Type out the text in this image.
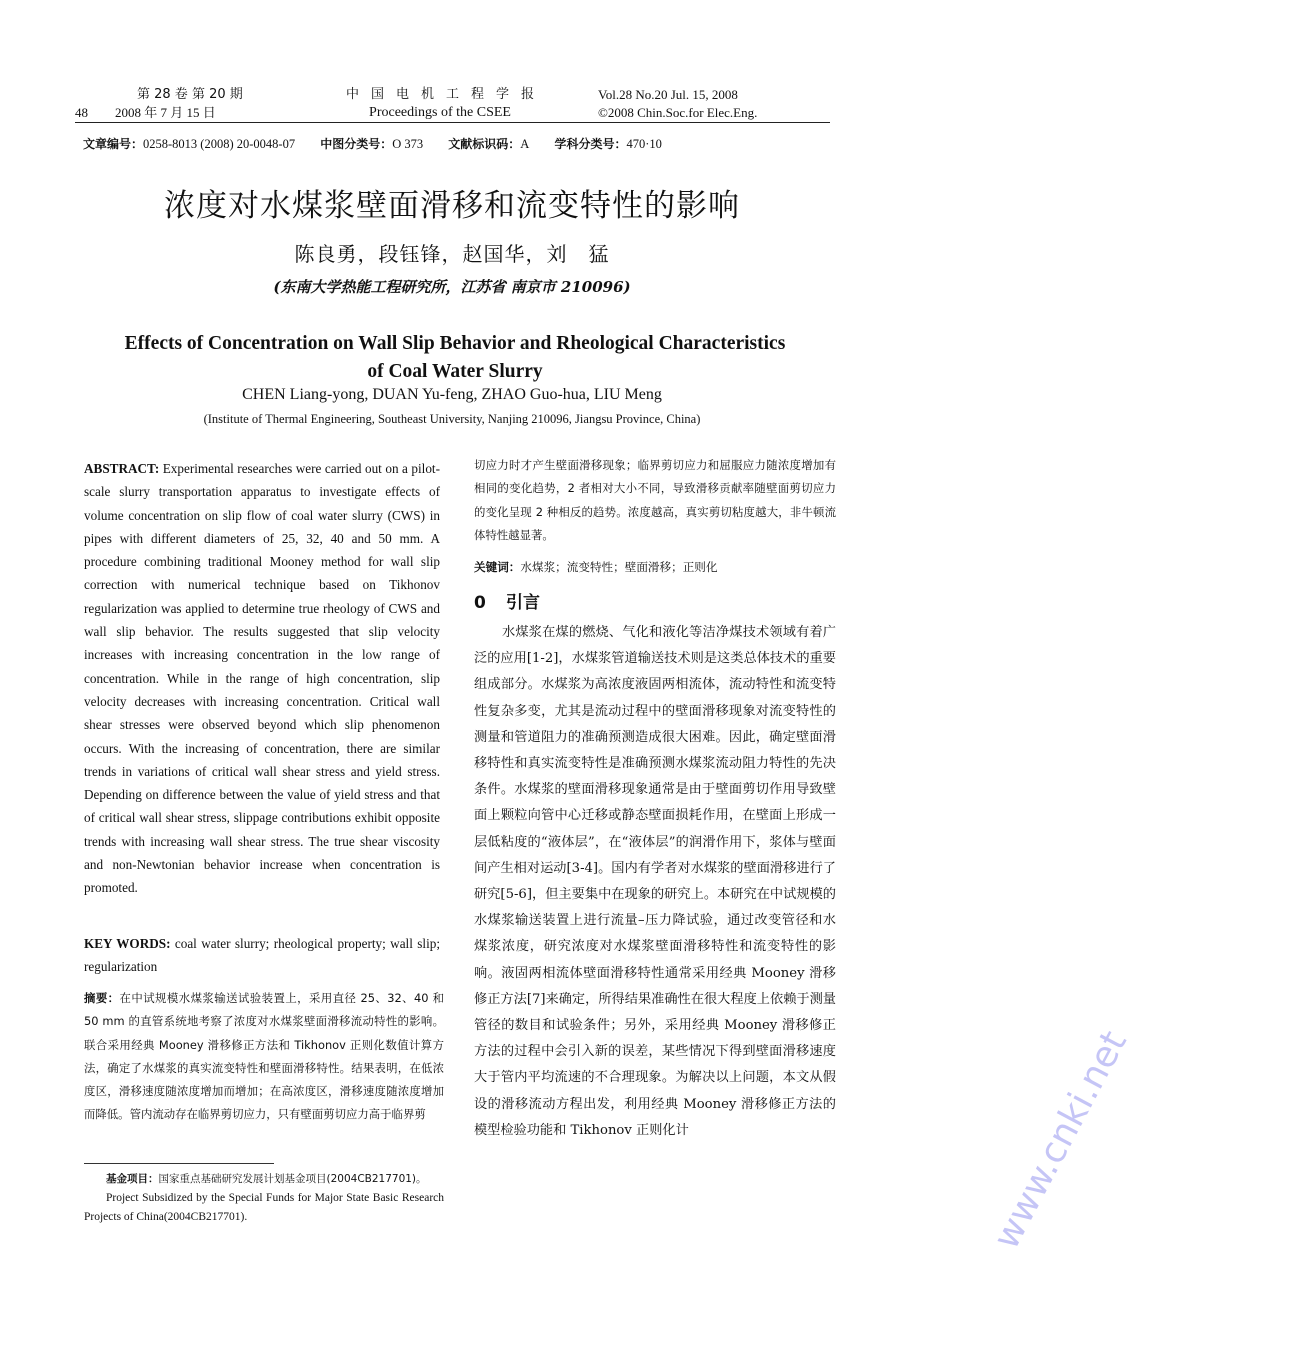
第 28 卷 第 20 期
48 2008 年 7 月 15 日
中国电机工程学报
Proceedings of the CSEE
Vol.28 No.20 Jul. 15, 2008
©2008 Chin.Soc.for Elec.Eng.
文章编号：0258-8013 (2008) 20-0048-07 中图分类号：O 373 文献标识码：A 学科分类号：470·10
浓度对水煤浆壁面滑移和流变特性的影响
陈良勇，段钰锋，赵国华，刘　猛
(东南大学热能工程研究所，江苏省 南京市 210096)
Effects of Concentration on Wall Slip Behavior and Rheological Characteristics of Coal Water Slurry
CHEN Liang-yong, DUAN Yu-feng, ZHAO Guo-hua, LIU Meng
(Institute of Thermal Engineering, Southeast University, Nanjing 210096, Jiangsu Province, China)
ABSTRACT: Experimental researches were carried out on a pilot-scale slurry transportation apparatus to investigate effects of volume concentration on slip flow of coal water slurry (CWS) in pipes with different diameters of 25, 32, 40 and 50 mm. A procedure combining traditional Mooney method for wall slip correction with numerical technique based on Tikhonov regularization was applied to determine true rheology of CWS and wall slip behavior. The results suggested that slip velocity increases with increasing concentration in the low range of concentration. While in the range of high concentration, slip velocity decreases with increasing concentration. Critical wall shear stresses were observed beyond which slip phenomenon occurs. With the increasing of concentration, there are similar trends in variations of critical wall shear stress and yield stress. Depending on difference between the value of yield stress and that of critical wall shear stress, slippage contributions exhibit opposite trends with increasing wall shear stress. The true shear viscosity and non-Newtonian behavior increase when concentration is promoted.
KEY WORDS: coal water slurry; rheological property; wall slip; regularization
摘要：在中试规模水煤浆输送试验装置上，采用直径 25、32、40 和 50 mm 的直管系统地考察了浓度对水煤浆壁面滑移流动特性的影响。联合采用经典 Mooney 滑移修正方法和 Tikhonov 正则化数值计算方法，确定了水煤浆的真实流变特性和壁面滑移特性。结果表明，在低浓度区，滑移速度随浓度增加而增加；在高浓度区，滑移速度随浓度增加而降低。管内流动存在临界剪切应力，只有壁面剪切应力高于临界剪
基金项目：国家重点基础研究发展计划基金项目(2004CB217701)。
Project Subsidized by the Special Funds for Major State Basic Research Projects of China(2004CB217701).
切应力时才产生壁面滑移现象；临界剪切应力和屈服应力随浓度增加有相同的变化趋势，2 者相对大小不同，导致滑移贡献率随壁面剪切应力的变化呈现 2 种相反的趋势。浓度越高，真实剪切粘度越大，非牛顿流体特性越显著。
关键词：水煤浆；流变特性；壁面滑移；正则化
0 引言
水煤浆在煤的燃烧、气化和液化等洁净煤技术领域有着广泛的应用[1-2]，水煤浆管道输送技术则是这类总体技术的重要组成部分。水煤浆为高浓度液固两相流体，流动特性和流变特性复杂多变，尤其是流动过程中的壁面滑移现象对流变特性的测量和管道阻力的准确预测造成很大困难。因此，确定壁面滑移特性和真实流变特性是准确预测水煤浆流动阻力特性的先决条件。水煤浆的壁面滑移现象通常是由于壁面剪切作用导致壁面上颗粒向管中心迁移或静态壁面损耗作用，在壁面上形成一层低粘度的“液体层”，在“液体层”的润滑作用下，浆体与壁面间产生相对运动[3-4]。国内有学者对水煤浆的壁面滑移进行了研究[5-6]，但主要集中在现象的研究上。本研究在中试规模的水煤浆输送装置上进行流量–压力降试验，通过改变管径和水煤浆浓度，研究浓度对水煤浆壁面滑移特性和流变特性的影响。液固两相流体壁面滑移特性通常采用经典 Mooney 滑移修正方法[7]来确定，所得结果准确性在很大程度上依赖于测量管径的数目和试验条件；另外，采用经典 Mooney 滑移修正方法的过程中会引入新的误差，某些情况下得到壁面滑移速度大于管内平均流速的不合理现象。为解决以上问题，本文从假设的滑移流动方程出发，利用经典 Mooney 滑移修正方法的模型检验功能和 Tikhonov 正则化计	www.cnki.net
